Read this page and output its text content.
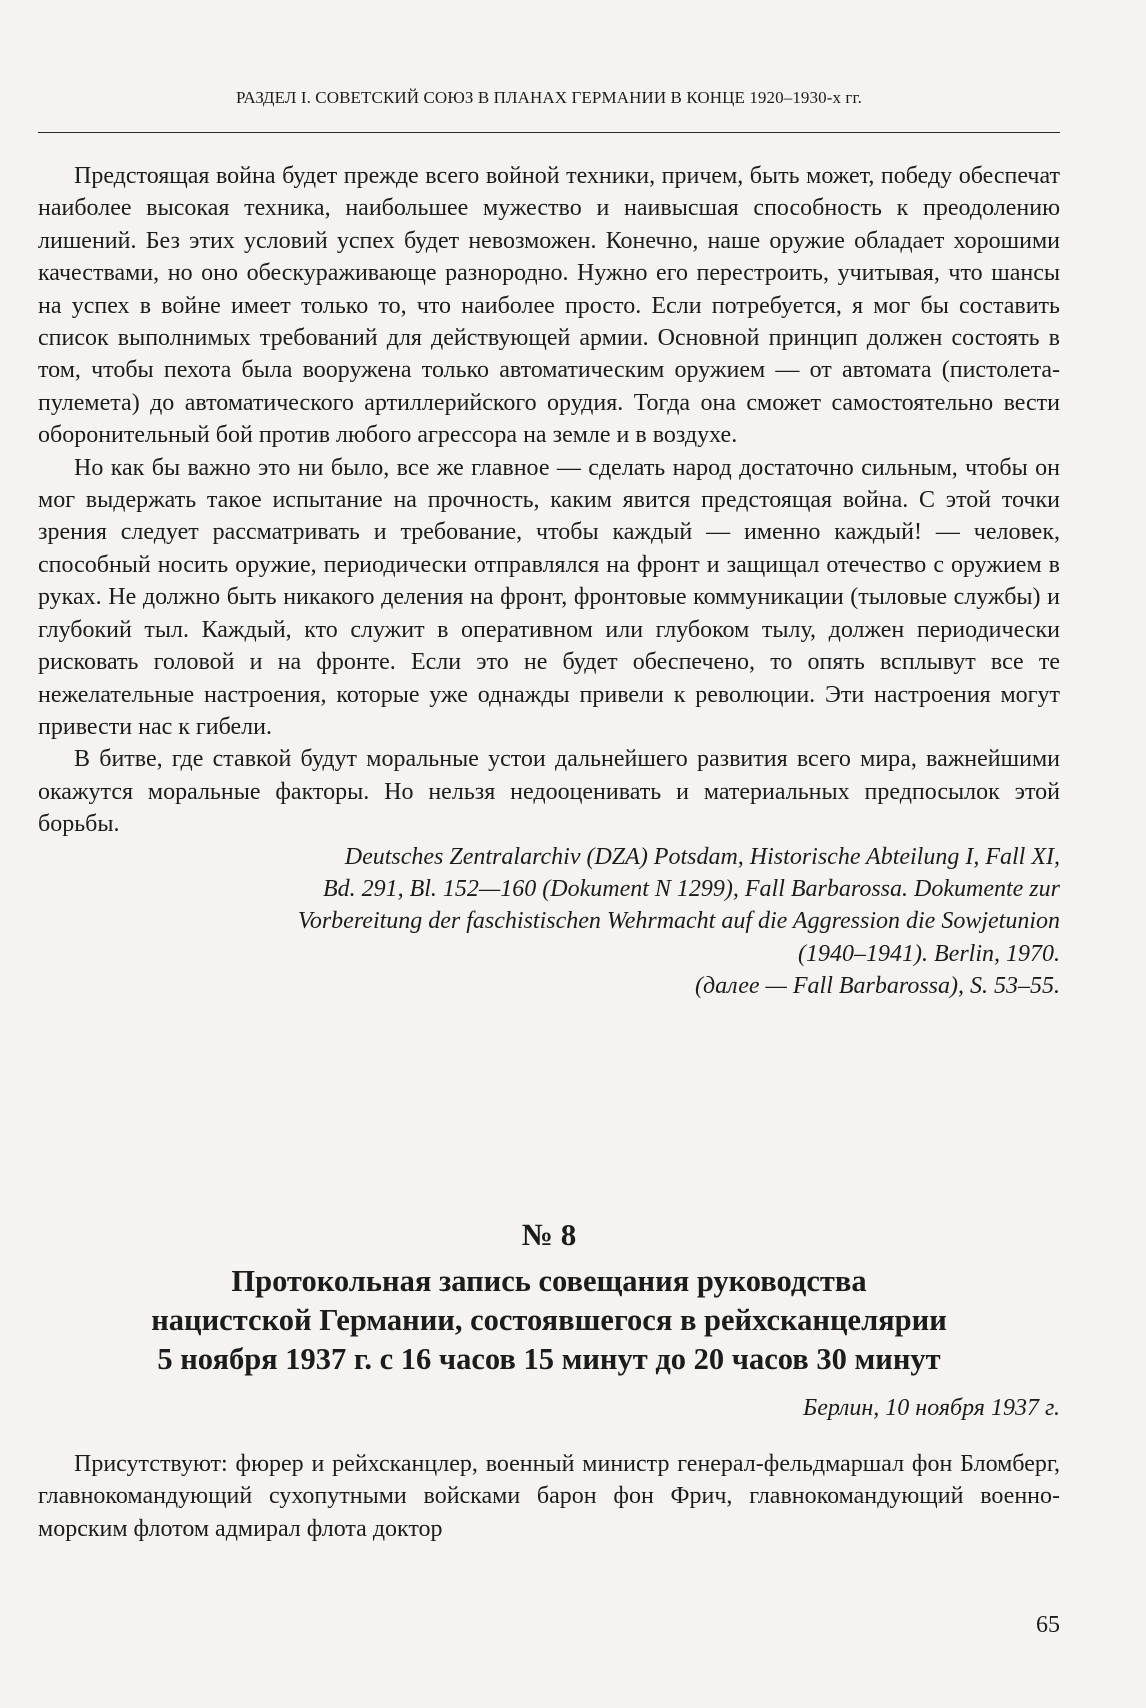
РАЗДЕЛ I. СОВЕТСКИЙ СОЮЗ В ПЛАНАХ ГЕРМАНИИ В КОНЦЕ 1920–1930-х гг.

Предстоящая война будет прежде всего войной техники, причем, быть может, победу обеспечат наиболее высокая техника, наибольшее мужество и наивысшая способность к преодолению лишений. Без этих условий успех будет невозможен. Конечно, наше оружие обладает хорошими качествами, но оно обескураживающе разнородно. Нужно его перестроить, учитывая, что шансы на успех в войне имеет только то, что наиболее просто. Если потребуется, я мог бы составить список выполнимых требований для действующей армии. Основной принцип должен состоять в том, чтобы пехота была вооружена только автоматическим оружием — от автомата (пистолета-пулемета) до автоматического артиллерийского орудия. Тогда она сможет самостоятельно вести оборонительный бой против любого агрессора на земле и в воздухе.

Но как бы важно это ни было, все же главное — сделать народ достаточно сильным, чтобы он мог выдержать такое испытание на прочность, каким явится предстоящая война. С этой точки зрения следует рассматривать и требование, чтобы каждый — именно каждый! — человек, способный носить оружие, периодически отправлялся на фронт и защищал отечество с оружием в руках. Не должно быть никакого деления на фронт, фронтовые коммуникации (тыловые службы) и глубокий тыл. Каждый, кто служит в оперативном или глубоком тылу, должен периодически рисковать головой и на фронте. Если это не будет обеспечено, то опять всплывут все те нежелательные настроения, которые уже однажды привели к революции. Эти настроения могут привести нас к гибели.

В битве, где ставкой будут моральные устои дальнейшего развития всего мира, важнейшими окажутся моральные факторы. Но нельзя недооценивать и материальных предпосылок этой борьбы.

Deutsches Zentralarchiv (DZA) Potsdam, Historische Abteilung I, Fall XI,
Bd. 291, Bl. 152—160 (Dokument N 1299), Fall Barbarossa. Dokumente zur
Vorbereitung der faschistischen Wehrmacht auf die Aggression die Sowjetunion
(1940–1941). Berlin, 1970.
(далее — Fall Barbarossa), S. 53–55.
№ 8
Протокольная запись совещания руководства
нацистской Германии, состоявшегося в рейхсканцелярии
5 ноября 1937 г. с 16 часов 15 минут до 20 часов 30 минут
Берлин, 10 ноября 1937 г.

Присутствуют: фюрер и рейхсканцлер, военный министр генерал-фельдмаршал фон Бломберг, главнокомандующий сухопутными войсками барон фон Фрич, главнокомандующий военно-морским флотом адмирал флота доктор

65
